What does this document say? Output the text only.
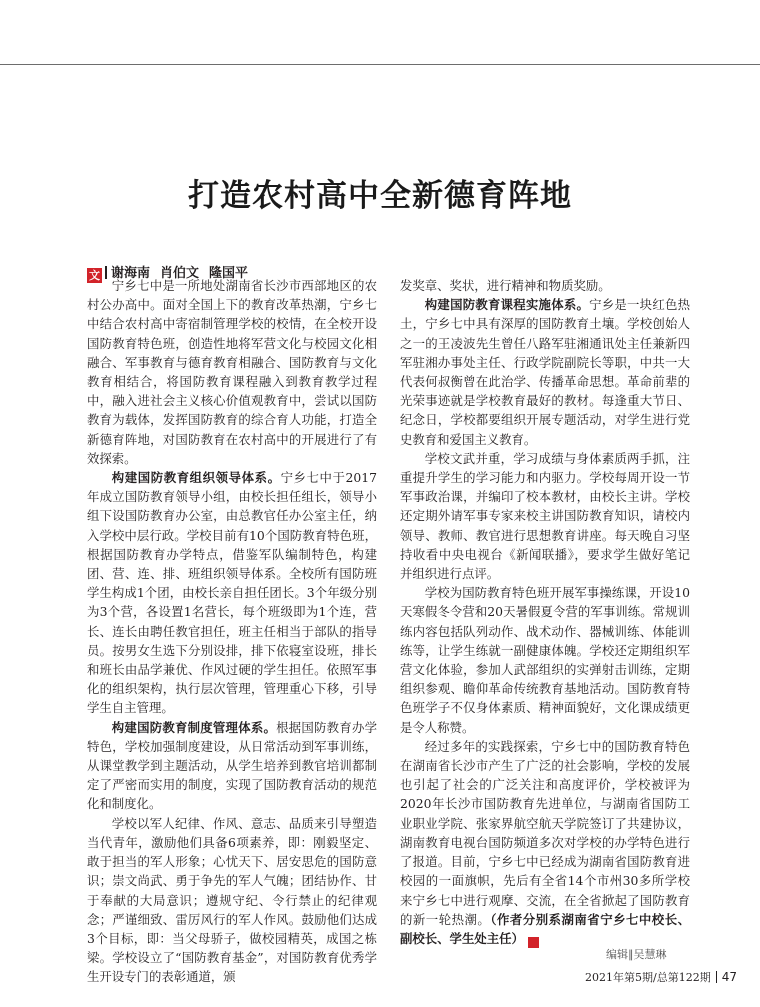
打造农村高中全新德育阵地
文 谢海南 肖伯文 隆国平

宁乡七中是一所地处湖南省长沙市西部地区的农村公办高中。面对全国上下的教育改革热潮，宁乡七中结合农村高中寄宿制管理学校的校情，在全校开设国防教育特色班，创造性地将军营文化与校园文化相融合、军事教育与德育教育相融合、国防教育与文化教育相结合，将国防教育课程融入到教育教学过程中，融入进社会主义核心价值观教育中，尝试以国防教育为载体，发挥国防教育的综合育人功能，打造全新德育阵地，对国防教育在农村高中的开展进行了有效探索。

构建国防教育组织领导体系。宁乡七中于2017年成立国防教育领导小组，由校长担任组长，领导小组下设国防教育办公室，由总教官任办公室主任，纳入学校中层行政。学校目前有10个国防教育特色班，根据国防教育办学特点，借鉴军队编制特色，构建团、营、连、排、班组织领导体系。全校所有国防班学生构成1个团，由校长亲自担任团长。3个年级分别为3个营，各设置1名营长，每个班级即为1个连，营长、连长由聘任教官担任，班主任相当于部队的指导员。按男女生选下分别设排，排下依寝室设班，排长和班长由品学兼优、作风过硬的学生担任。依照军事化的组织架构，执行层次管理，管理重心下移，引导学生自主管理。

构建国防教育制度管理体系。根据国防教育办学特色，学校加强制度建设，从日常活动到军事训练，从课堂教学到主题活动，从学生培养到教官培训都制定了严密而实用的制度，实现了国防教育活动的规范化和制度化。

学校以军人纪律、作风、意志、品质来引导塑造当代青年，激励他们具备6项素养，即：刚毅坚定、敢于担当的军人形象；心忧天下、居安思危的国防意识；崇文尚武、勇于争先的军人气魄；团结协作、甘于奉献的大局意识；遵规守纪、令行禁止的纪律观念；严谨细致、雷厉风行的军人作风。鼓励他们达成3个目标，即：当父母骄子，做校园精英，成国之栋梁。学校设立了“国防教育基金”，对国防教育优秀学生开设专门的表彰通道，颁

发奖章、奖状，进行精神和物质奖励。

构建国防教育课程实施体系。宁乡是一块红色热土，宁乡七中具有深厚的国防教育土壤。学校创始人之一的王凌波先生曾任八路军驻湘通讯处主任兼新四军驻湘办事处主任、行政学院副院长等职，中共一大代表何叔衡曾在此治学、传播革命思想。革命前辈的光荣事迹就是学校教育最好的教材。每逢重大节日、纪念日，学校都要组织开展专题活动，对学生进行党史教育和爱国主义教育。

学校文武并重，学习成绩与身体素质两手抓，注重提升学生的学习能力和内驱力。学校每周开设一节军事政治课，并编印了校本教材，由校长主讲。学校还定期外请军事专家来校主讲国防教育知识，请校内领导、教师、教官进行思想教育讲座。每天晚自习坚持收看中央电视台《新闻联播》，要求学生做好笔记并组织进行点评。

学校为国防教育特色班开展军事操练课，开设10天寒假冬令营和20天暑假夏令营的军事训练。常规训练内容包括队列动作、战术动作、器械训练、体能训练等，让学生练就一副健康体魄。学校还定期组织军营文化体验，参加人武部组织的实弹射击训练，定期组织参观、瞻仰革命传统教育基地活动。国防教育特色班学子不仅身体素质、精神面貌好，文化课成绩更是令人称赞。

经过多年的实践探索，宁乡七中的国防教育特色在湖南省长沙市产生了广泛的社会影响，学校的发展也引起了社会的广泛关注和高度评价，学校被评为2020年长沙市国防教育先进单位，与湖南省国防工业职业学院、张家界航空航天学院签订了共建协议，湖南教育电视台国防频道多次对学校的办学特色进行了报道。目前，宁乡七中已经成为湖南省国防教育进校园的一面旗帜，先后有全省14个市州30多所学校来宁乡七中进行观摩、交流，在全省掀起了国防教育的新一轮热潮。（作者分别系湖南省宁乡七中校长、副校长、学生处主任）	G

编辑∥吴慧琳
2021年第5期/总第122期 47
